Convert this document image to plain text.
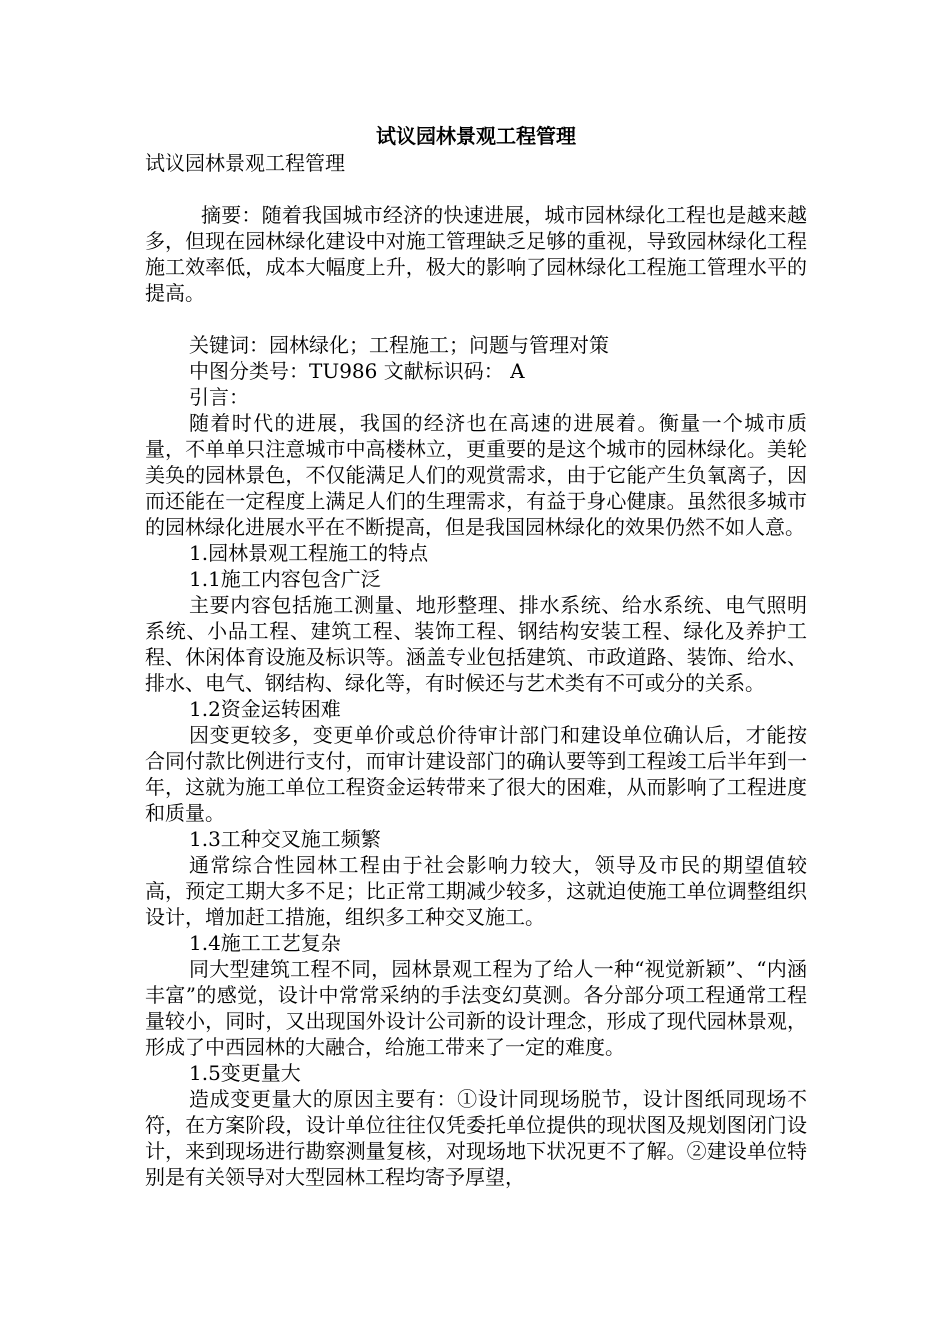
试议园林景观工程管理

试议园林景观工程管理

摘要：随着我国城市经济的快速进展，城市园林绿化工程也是越来越多，但现在园林绿化建设中对施工管理缺乏足够的重视，导致园林绿化工程施工效率低，成本大幅度上升，极大的影响了园林绿化工程施工管理水平的提高。

关键词：园林绿化；工程施工；问题与管理对策

中图分类号：TU986 文献标识码： A

引言：

随着时代的进展，我国的经济也在高速的进展着。衡量一个城市质量，不单单只注意城市中高楼林立，更重要的是这个城市的园林绿化。美轮美奂的园林景色，不仅能满足人们的观赏需求，由于它能产生负氧离子，因而还能在一定程度上满足人们的生理需求，有益于身心健康。虽然很多城市的园林绿化进展水平在不断提高，但是我国园林绿化的效果仍然不如人意。

1.园林景观工程施工的特点

1.1施工内容包含广泛

主要内容包括施工测量、地形整理、排水系统、给水系统、电气照明系统、小品工程、建筑工程、装饰工程、钢结构安装工程、绿化及养护工程、休闲体育设施及标识等。涵盖专业包括建筑、市政道路、装饰、给水、排水、电气、钢结构、绿化等，有时候还与艺术类有不可或分的关系。

1.2资金运转困难

因变更较多，变更单价或总价待审计部门和建设单位确认后，才能按合同付款比例进行支付，而审计建设部门的确认要等到工程竣工后半年到一年，这就为施工单位工程资金运转带来了很大的困难，从而影响了工程进度和质量。

1.3工种交叉施工频繁

通常综合性园林工程由于社会影响力较大，领导及市民的期望值较高，预定工期大多不足；比正常工期减少较多，这就迫使施工单位调整组织设计，增加赶工措施，组织多工种交叉施工。

1.4施工工艺复杂

同大型建筑工程不同，园林景观工程为了给人一种“视觉新颖”、“内涵丰富”的感觉，设计中常常采纳的手法变幻莫测。各分部分项工程通常工程量较小，同时，又出现国外设计公司新的设计理念，形成了现代园林景观，形成了中西园林的大融合，给施工带来了一定的难度。

1.5变更量大

造成变更量大的原因主要有：①设计同现场脱节，设计图纸同现场不符，在方案阶段，设计单位往往仅凭委托单位提供的现状图及规划图闭门设计，来到现场进行勘察测量复核，对现场地下状况更不了解。②建设单位特别是有关领导对大型园林工程均寄予厚望，
